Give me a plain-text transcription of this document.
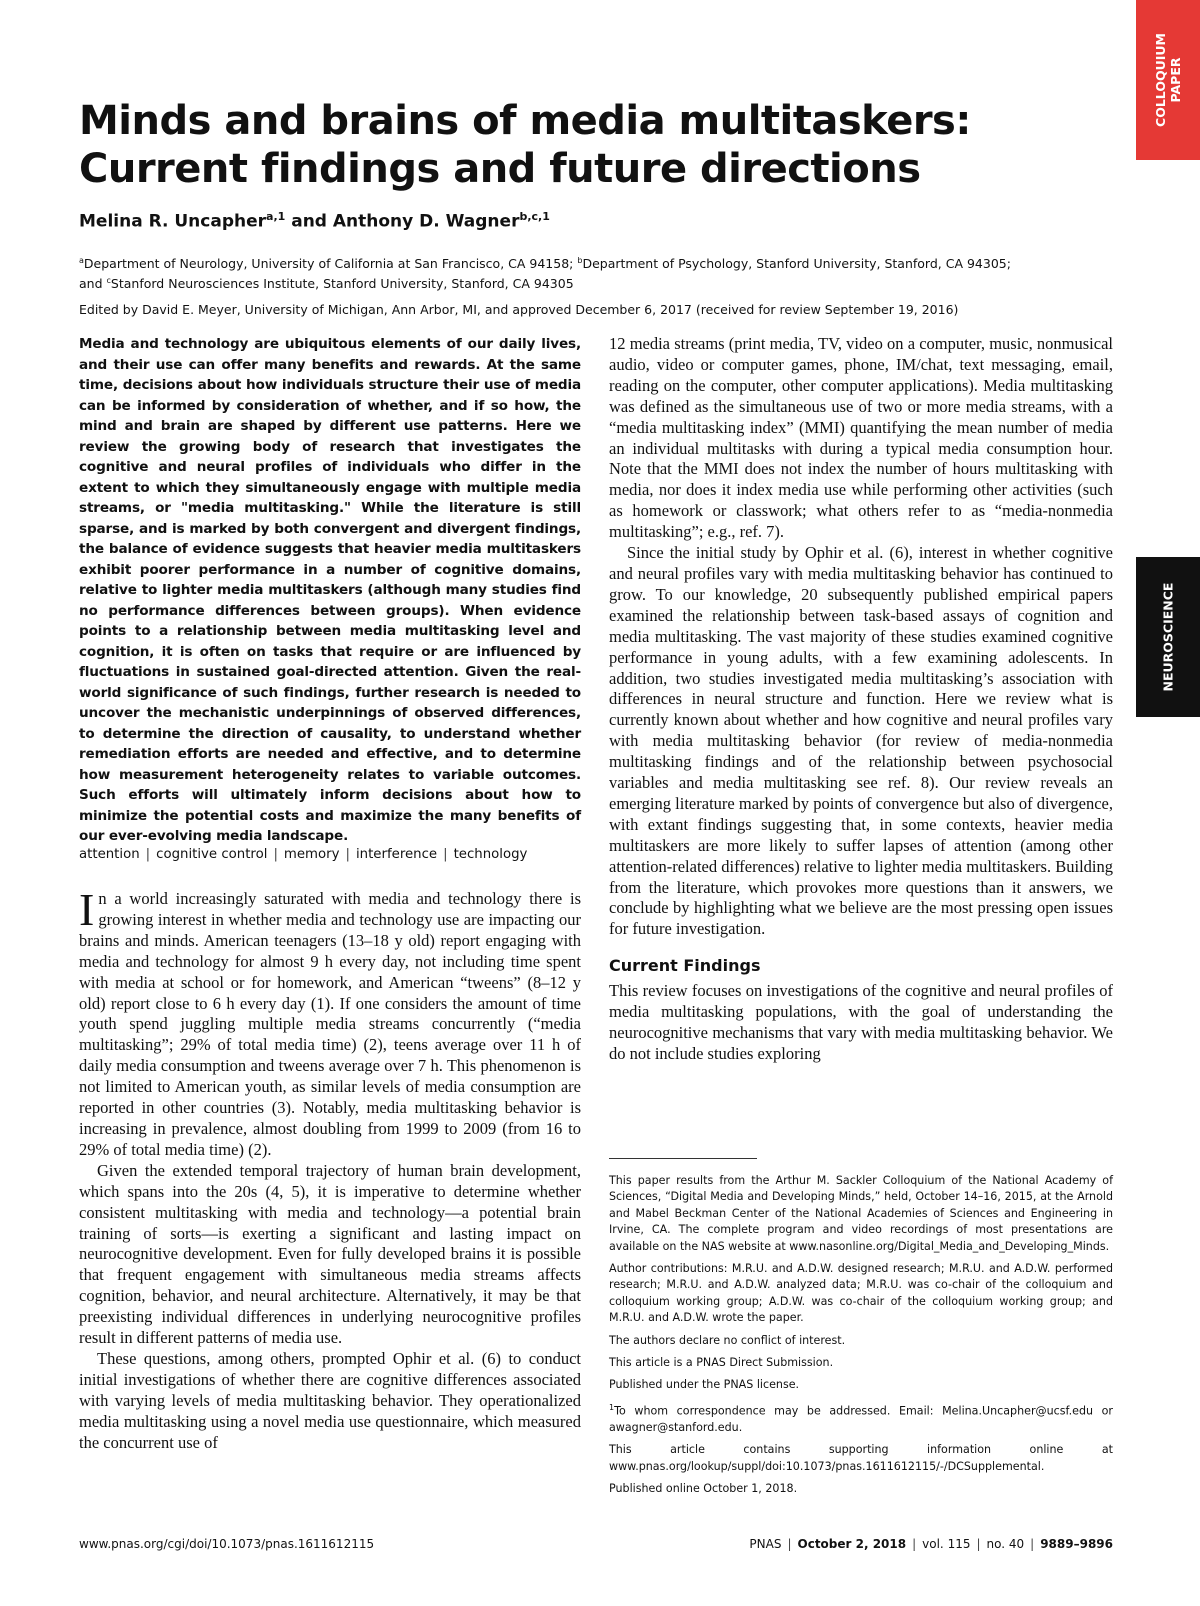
COLLOQUIUM PAPER
NEUROSCIENCE
Minds and brains of media multitaskers: Current findings and future directions
Melina R. Uncapher$^{a,1}$ and Anthony D. Wagner$^{b,c,1}$
$^a$Department of Neurology, University of California at San Francisco, CA 94158; $^b$Department of Psychology, Stanford University, Stanford, CA 94305;
and $^c$Stanford Neurosciences Institute, Stanford University, Stanford, CA 94305
Edited by David E. Meyer, University of Michigan, Ann Arbor, MI, and approved December 6, 2017 (received for review September 19, 2016)

Media and technology are ubiquitous elements of our daily lives, and their use can offer many benefits and rewards. At the same time, decisions about how individuals structure their use of media can be informed by consideration of whether, and if so how, the mind and brain are shaped by different use patterns. Here we review the growing body of research that investigates the cognitive and neural profiles of individuals who differ in the extent to which they simultaneously engage with multiple media streams, or "media multitasking." While the literature is still sparse, and is marked by both convergent and divergent findings, the balance of evidence suggests that heavier media multitaskers exhibit poorer performance in a number of cognitive domains, relative to lighter media multitaskers (although many studies find no performance differences between groups). When evidence points to a relationship between media multitasking level and cognition, it is often on tasks that require or are influenced by fluctuations in sustained goal-directed attention. Given the real-world significance of such findings, further research is needed to uncover the mechanistic underpinnings of observed differences, to determine the direction of causality, to understand whether remediation efforts are needed and effective, and to determine how measurement heterogeneity relates to variable outcomes. Such efforts will ultimately inform decisions about how to minimize the potential costs and maximize the many benefits of our ever-evolving media landscape.

attention | cognitive control | memory | interference | technology

In a world increasingly saturated with media and technology there is growing interest in whether media and technology use are impacting our brains and minds. American teenagers (13–18 y old) report engaging with media and technology for almost 9 h every day, not including time spent with media at school or for homework, and American “tweens” (8–12 y old) report close to 6 h every day (1). If one considers the amount of time youth spend juggling multiple media streams concurrently (“media multitasking”; 29% of total media time) (2), teens average over 11 h of daily media consumption and tweens average over 7 h. This phenomenon is not limited to American youth, as similar levels of media consumption are reported in other countries (3). Notably, media multitasking behavior is increasing in prevalence, almost doubling from 1999 to 2009 (from 16 to 29% of total media time) (2).

Given the extended temporal trajectory of human brain development, which spans into the 20s (4, 5), it is imperative to determine whether consistent multitasking with media and technology—a potential brain training of sorts—is exerting a significant and lasting impact on neurocognitive development. Even for fully developed brains it is possible that frequent engagement with simultaneous media streams affects cognition, behavior, and neural architecture. Alternatively, it may be that preexisting individual differences in underlying neurocognitive profiles result in different patterns of media use.

These questions, among others, prompted Ophir et al. (6) to conduct initial investigations of whether there are cognitive differences associated with varying levels of media multitasking behavior. They operationalized media multitasking using a novel media use questionnaire, which measured the concurrent use of

12 media streams (print media, TV, video on a computer, music, nonmusical audio, video or computer games, phone, IM/chat, text messaging, email, reading on the computer, other computer applications). Media multitasking was defined as the simultaneous use of two or more media streams, with a “media multitasking index” (MMI) quantifying the mean number of media an individual multitasks with during a typical media consumption hour. Note that the MMI does not index the number of hours multitasking with media, nor does it index media use while performing other activities (such as homework or classwork; what others refer to as “media-nonmedia multitasking”; e.g., ref. 7).

Since the initial study by Ophir et al. (6), interest in whether cognitive and neural profiles vary with media multitasking behavior has continued to grow. To our knowledge, 20 subsequently published empirical papers examined the relationship between task-based assays of cognition and media multitasking. The vast majority of these studies examined cognitive performance in young adults, with a few examining adolescents. In addition, two studies investigated media multitasking’s association with differences in neural structure and function. Here we review what is currently known about whether and how cognitive and neural profiles vary with media multitasking behavior (for review of media-nonmedia multitasking findings and of the relationship between psychosocial variables and media multitasking see ref. 8). Our review reveals an emerging literature marked by points of convergence but also of divergence, with extant findings suggesting that, in some contexts, heavier media multitaskers are more likely to suffer lapses of attention (among other attention-related differences) relative to lighter media multitaskers. Building from the literature, which provokes more questions than it answers, we conclude by highlighting what we believe are the most pressing open issues for future investigation.

Current Findings

This review focuses on investigations of the cognitive and neural profiles of media multitasking populations, with the goal of understanding the neurocognitive mechanisms that vary with media multitasking behavior. We do not include studies exploring

This paper results from the Arthur M. Sackler Colloquium of the National Academy of Sciences, “Digital Media and Developing Minds,” held, October 14–16, 2015, at the Arnold and Mabel Beckman Center of the National Academies of Sciences and Engineering in Irvine, CA. The complete program and video recordings of most presentations are available on the NAS website at www.nasonline.org/Digital_Media_and_Developing_Minds.

Author contributions: M.R.U. and A.D.W. designed research; M.R.U. and A.D.W. performed research; M.R.U. and A.D.W. analyzed data; M.R.U. was co-chair of the colloquium and colloquium working group; A.D.W. was co-chair of the colloquium working group; and M.R.U. and A.D.W. wrote the paper.

The authors declare no conflict of interest.

This article is a PNAS Direct Submission.

Published under the PNAS license.

$^1$To whom correspondence may be addressed. Email: Melina.Uncapher@ucsf.edu or awagner@stanford.edu.

This article contains supporting information online at www.pnas.org/lookup/suppl/doi:10.1073/pnas.1611612115/-/DCSupplemental.

Published online October 1, 2018.

www.pnas.org/cgi/doi/10.1073/pnas.1611612115	PNAS | October 2, 2018 | vol. 115 | no. 40 | 9889–9896
